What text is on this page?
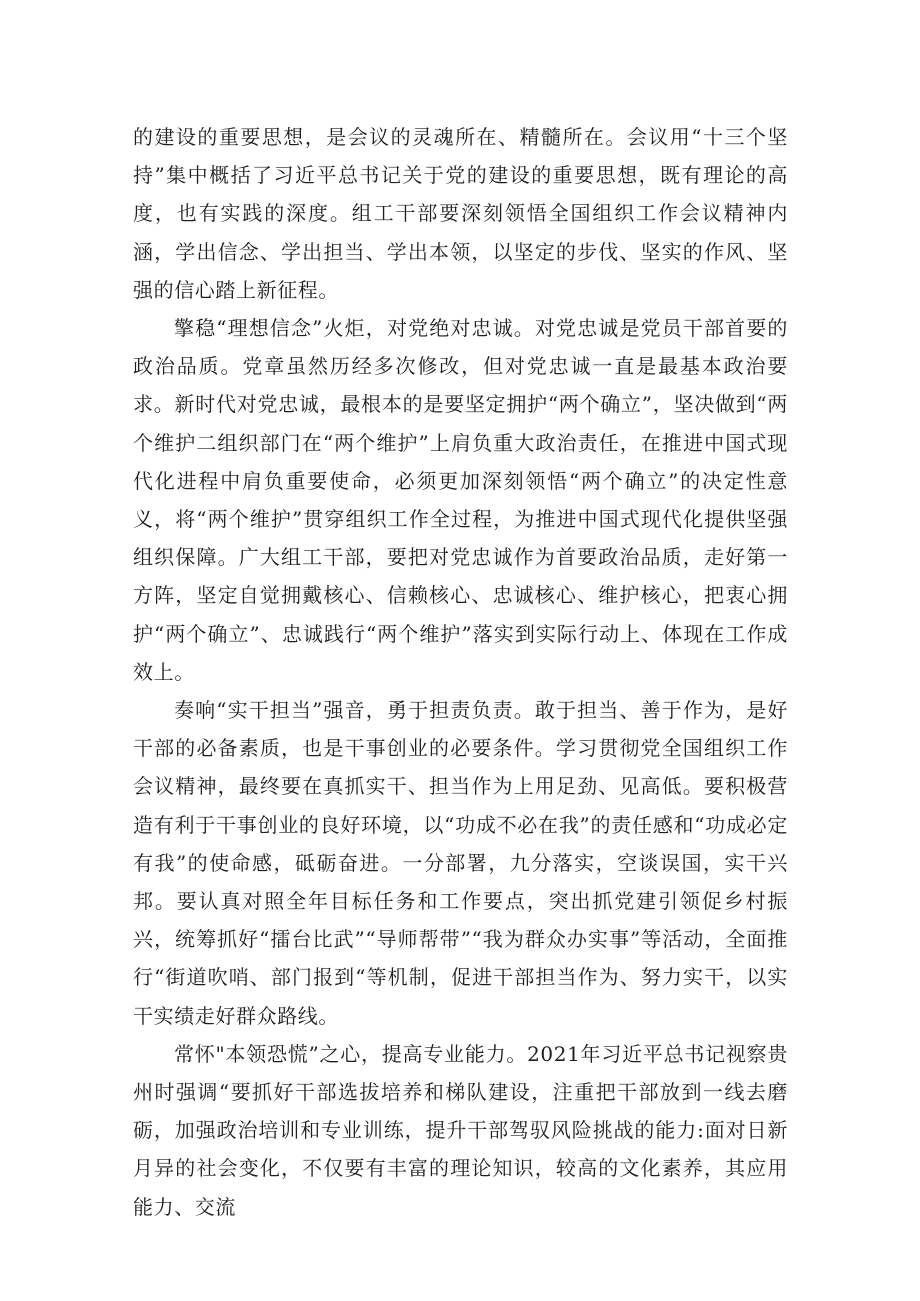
的建设的重要思想，是会议的灵魂所在、精髓所在。会议用“十三个坚持”集中概括了习近平总书记关于党的建设的重要思想，既有理论的高度，也有实践的深度。组工干部要深刻领悟全国组织工作会议精神内涵，学出信念、学出担当、学出本领，以坚定的步伐、坚实的作风、坚强的信心踏上新征程。

擎稳“理想信念”火炬，对党绝对忠诚。对党忠诚是党员干部首要的政治品质。党章虽然历经多次修改，但对党忠诚一直是最基本政治要求。新时代对党忠诚，最根本的是要坚定拥护“两个确立”，坚决做到“两个维护二组织部门在“两个维护”上肩负重大政治责任，在推进中国式现代化进程中肩负重要使命，必须更加深刻领悟“两个确立”的决定性意义，将“两个维护”贯穿组织工作全过程，为推进中国式现代化提供坚强组织保障。广大组工干部，要把对党忠诚作为首要政治品质，走好第一方阵，坚定自觉拥戴核心、信赖核心、忠诚核心、维护核心，把衷心拥护“两个确立”、忠诚践行“两个维护”落实到实际行动上、体现在工作成效上。

奏响“实干担当”强音，勇于担责负责。敢于担当、善于作为，是好干部的必备素质，也是干事创业的必要条件。学习贯彻党全国组织工作会议精神，最终要在真抓实干、担当作为上用足劲、见高低。要积极营造有利于干事创业的良好环境，以“功成不必在我”的责任感和“功成必定有我”的使命感，砥砺奋进。一分部署，九分落实，空谈误国，实干兴邦。要认真对照全年目标任务和工作要点，突出抓党建引领促乡村振兴，统筹抓好“擂台比武”“导师帮带”“我为群众办实事”等活动，全面推行“街道吹哨、部门报到“等机制，促进干部担当作为、努力实干，以实干实绩走好群众路线。

常怀"本领恐慌”之心，提高专业能力。2021年习近平总书记视察贵州时强调“要抓好干部选拔培养和梯队建设，注重把干部放到一线去磨砺，加强政治培训和专业训练，提升干部驾驭风险挑战的能力:面对日新月异的社会变化，不仅要有丰富的理论知识，较高的文化素养，其应用能力、交流
